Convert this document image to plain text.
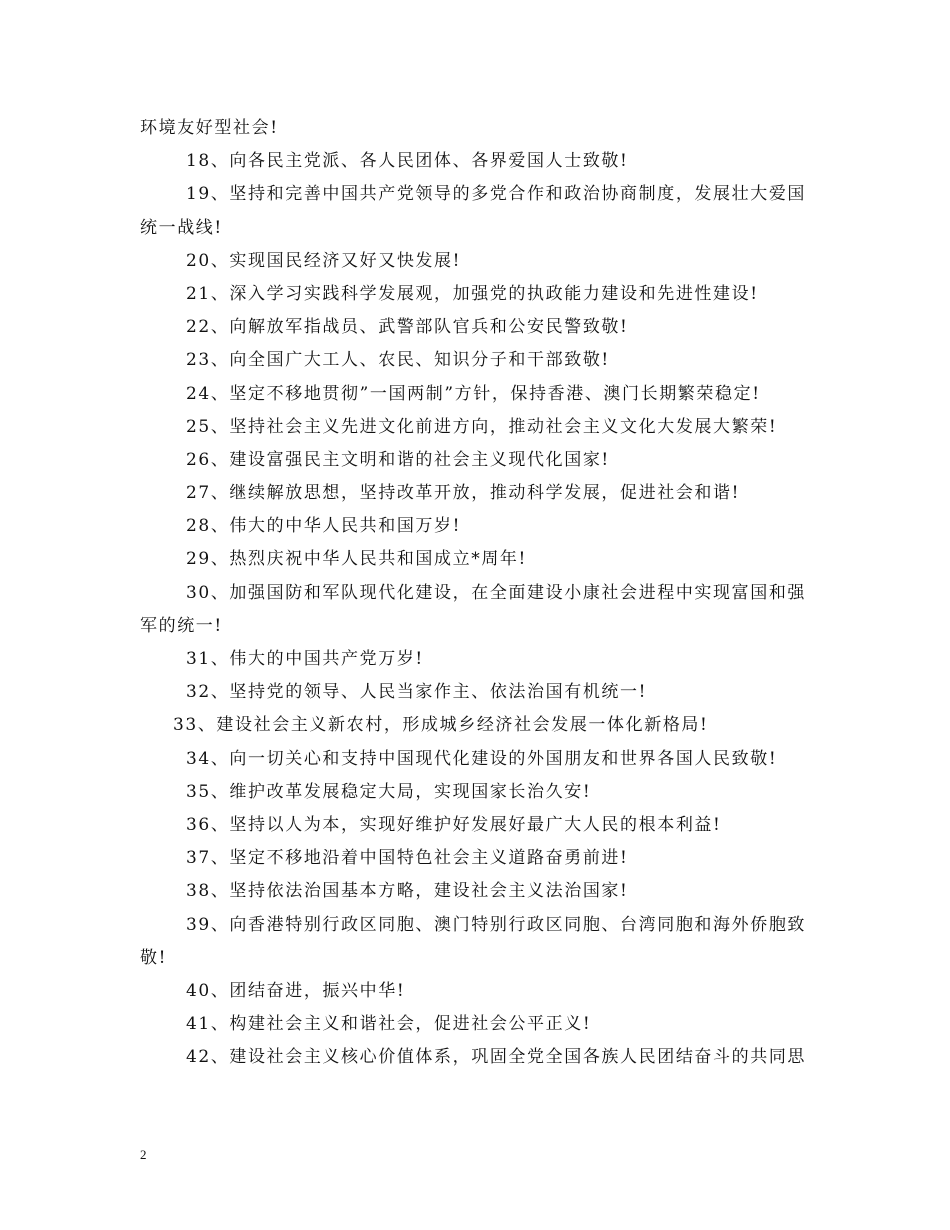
环境友好型社会!
18、向各民主党派、各人民团体、各界爱国人士致敬!
19、坚持和完善中国共产党领导的多党合作和政治协商制度，发展壮大爱国
统一战线!
20、实现国民经济又好又快发展!
21、深入学习实践科学发展观，加强党的执政能力建设和先进性建设!
22、向解放军指战员、武警部队官兵和公安民警致敬!
23、向全国广大工人、农民、知识分子和干部致敬!
24、坚定不移地贯彻”一国两制”方针，保持香港、澳门长期繁荣稳定!
25、坚持社会主义先进文化前进方向，推动社会主义文化大发展大繁荣!
26、建设富强民主文明和谐的社会主义现代化国家!
27、继续解放思想，坚持改革开放，推动科学发展，促进社会和谐!
28、伟大的中华人民共和国万岁!
29、热烈庆祝中华人民共和国成立*周年!
30、加强国防和军队现代化建设，在全面建设小康社会进程中实现富国和强
军的统一!
31、伟大的中国共产党万岁!
32、坚持党的领导、人民当家作主、依法治国有机统一!
33、建设社会主义新农村，形成城乡经济社会发展一体化新格局!
34、向一切关心和支持中国现代化建设的外国朋友和世界各国人民致敬!
35、维护改革发展稳定大局，实现国家长治久安!
36、坚持以人为本，实现好维护好发展好最广大人民的根本利益!
37、坚定不移地沿着中国特色社会主义道路奋勇前进!
38、坚持依法治国基本方略，建设社会主义法治国家!
39、向香港特别行政区同胞、澳门特别行政区同胞、台湾同胞和海外侨胞致
敬!
40、团结奋进，振兴中华!
41、构建社会主义和谐社会，促进社会公平正义!
42、建设社会主义核心价值体系，巩固全党全国各族人民团结奋斗的共同思
2
